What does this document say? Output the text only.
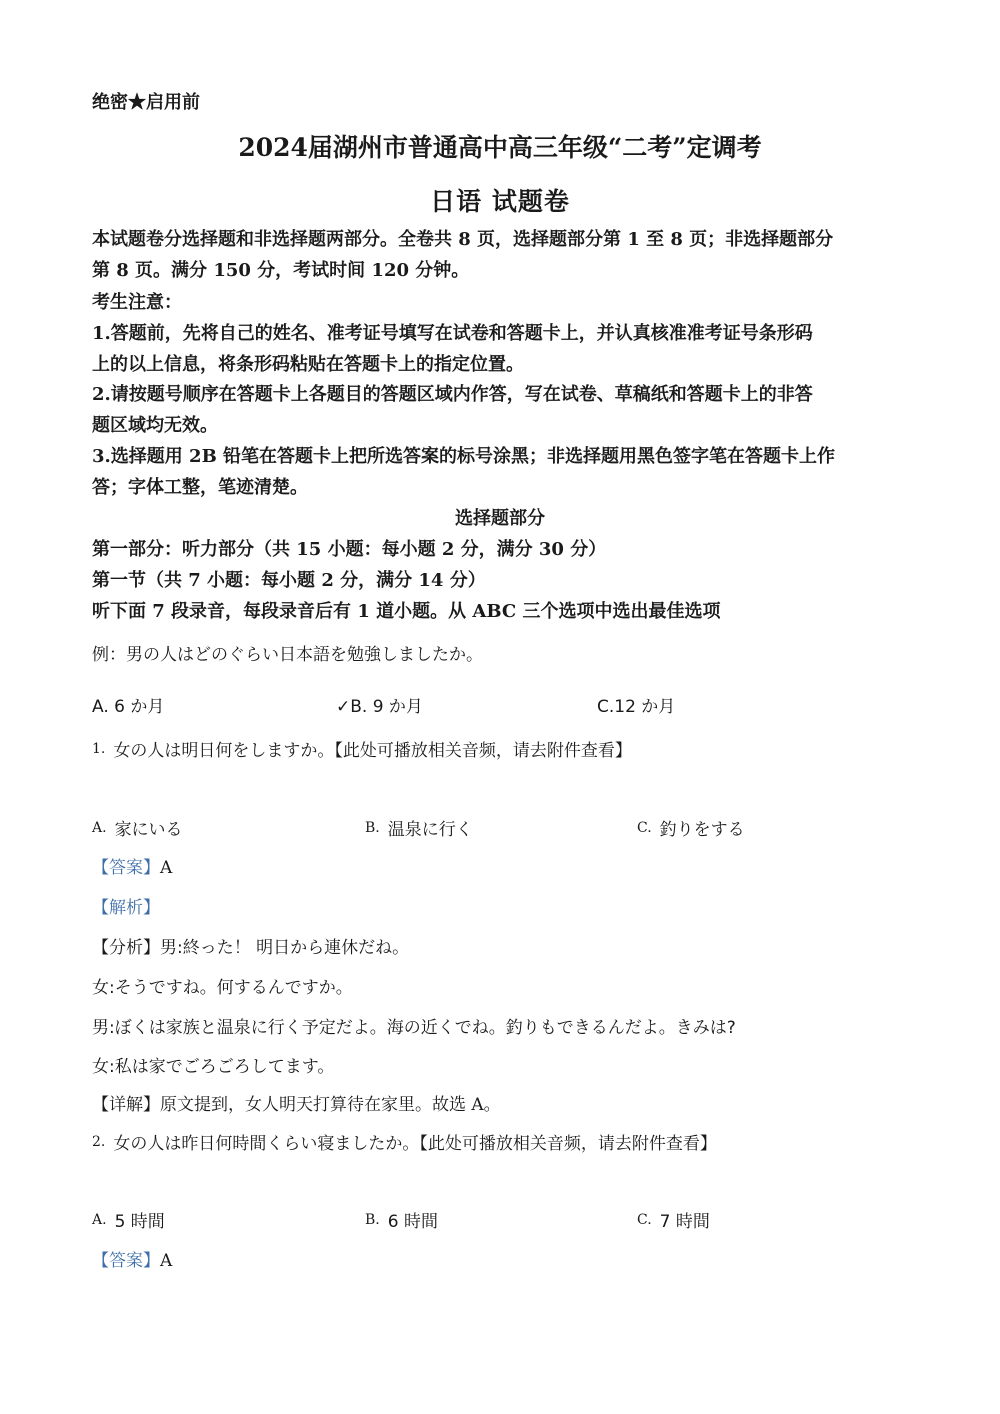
绝密★启用前
2024届湖州市普通高中高三年级“二考”定调考
日语 试题卷
本试题卷分选择题和非选择题两部分。全卷共 8 页，选择题部分第 1 至 8 页；非选择题部分
第 8 页。满分 150 分，考试时间 120 分钟。
考生注意：
1.答题前，先将自己的姓名、准考证号填写在试卷和答题卡上，并认真核准准考证号条形码
上的以上信息，将条形码粘贴在答题卡上的指定位置。
2.请按题号顺序在答题卡上各题目的答题区域内作答，写在试卷、草稿纸和答题卡上的非答
题区域均无效。
3.选择题用 2B 铅笔在答题卡上把所选答案的标号涂黑；非选择题用黑色签字笔在答题卡上作
答；字体工整，笔迹清楚。
选择题部分
第一部分：听力部分（共 15 小题：每小题 2 分，满分 30 分）
第一节（共 7 小题：每小题 2 分，满分 14 分）
听下面 7 段录音，每段录音后有 1 道小题。从 ABC 三个选项中选出最佳选项
例：男の人はどのぐらい日本語を勉強しましたか。
A. 6 か月	✓B. 9 か月	C.12 か月
1. 女の人は明日何をしますか。【此处可播放相关音频，请去附件查看】
A. 家にいる	B. 温泉に行く	C. 釣りをする
【答案】A
【解析】
【分析】男:終った！ 明日から連休だね。
女:そうですね。何するんですか。
男:ぼくは家族と温泉に行く予定だよ。海の近くでね。釣りもできるんだよ。きみは?
女:私は家でごろごろしてます。
【详解】原文提到，女人明天打算待在家里。故选 A。
2. 女の人は昨日何時間くらい寝ましたか。【此处可播放相关音频，请去附件查看】
A. 5 時間	B. 6 時間	C. 7 時間
【答案】A
